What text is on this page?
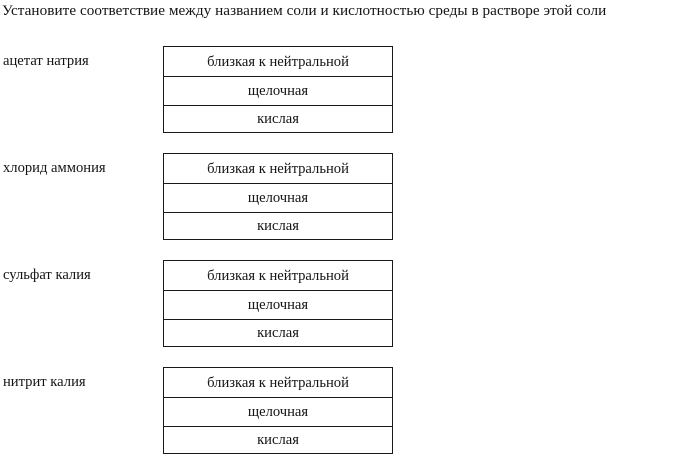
Установите соответствие между названием соли и кислотностью среды в растворе этой соли
ацетат натрия	близкая к нейтральной
щелочная
кислая
хлорид аммония	близкая к нейтральной
щелочная
кислая
сульфат калия	близкая к нейтральной
щелочная
кислая
нитрит калия	близкая к нейтральной
щелочная
кислая
